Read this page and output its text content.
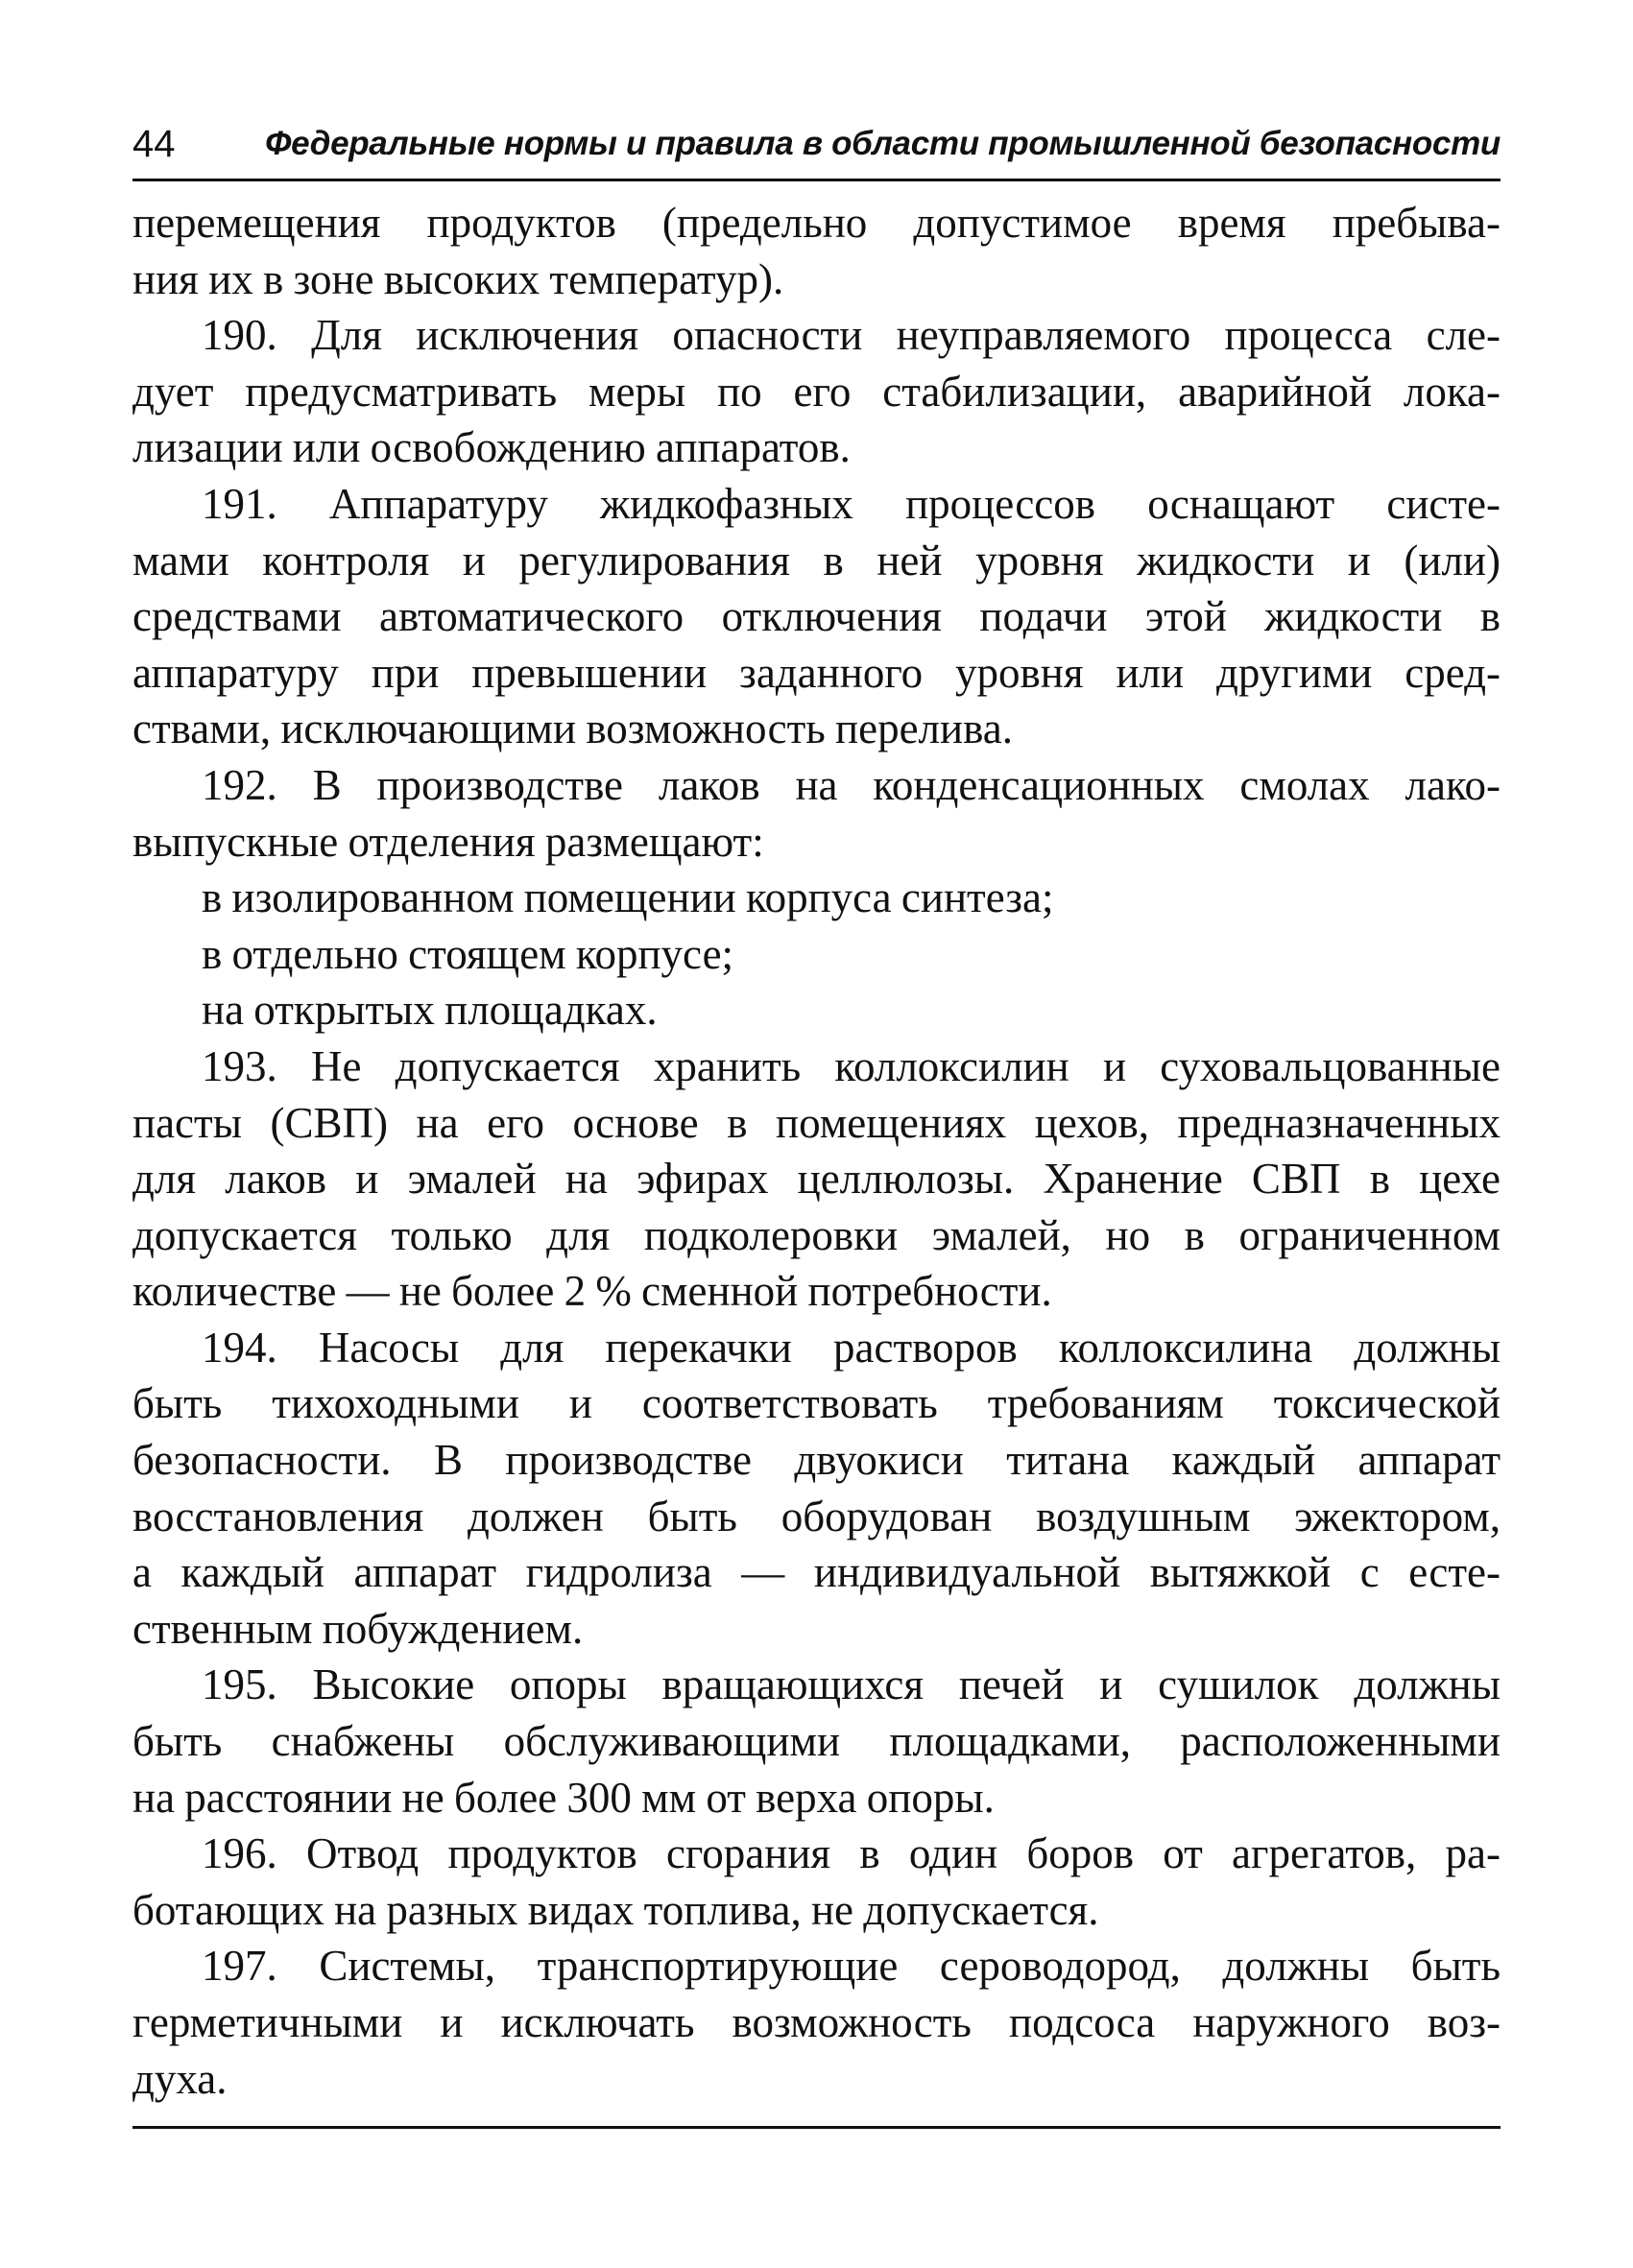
44	Федеральные нормы и правила в области промышленной безопасности
перемещения продуктов (предельно допустимое время пребыва-
ния их в зоне высоких температур).
190. Для исключения опасности неуправляемого процесса сле-
дует предусматривать меры по его стабилизации, аварийной лока-
лизации или освобождению аппаратов.
191. Аппаратуру жидкофазных процессов оснащают систе-
мами контроля и регулирования в ней уровня жидкости и (или)
средствами автоматического отключения подачи этой жидкости в
аппаратуру при превышении заданного уровня или другими сред-
ствами, исключающими возможность перелива.
192. В производстве лаков на конденсационных смолах лако-
выпускные отделения размещают:
в изолированном помещении корпуса синтеза;
в отдельно стоящем корпусе;
на открытых площадках.
193. Не допускается хранить коллоксилин и суховальцованные
пасты (СВП) на его основе в помещениях цехов, предназначенных
для лаков и эмалей на эфирах целлюлозы. Хранение СВП в цехе
допускается только для подколеровки эмалей, но в ограниченном
количестве — не более 2 % сменной потребности.
194. Насосы для перекачки растворов коллоксилина должны
быть тихоходными и соответствовать требованиям токсической
безопасности. В производстве двуокиси титана каждый аппарат
восстановления должен быть оборудован воздушным эжектором,
а каждый аппарат гидролиза — индивидуальной вытяжкой с есте-
ственным побуждением.
195. Высокие опоры вращающихся печей и сушилок должны
быть снабжены обслуживающими площадками, расположенными
на расстоянии не более 300 мм от верха опоры.
196. Отвод продуктов сгорания в один боров от агрегатов, ра-
ботающих на разных видах топлива, не допускается.
197. Системы, транспортирующие сероводород, должны быть
герметичными и исключать возможность подсоса наружного воз-
духа.
